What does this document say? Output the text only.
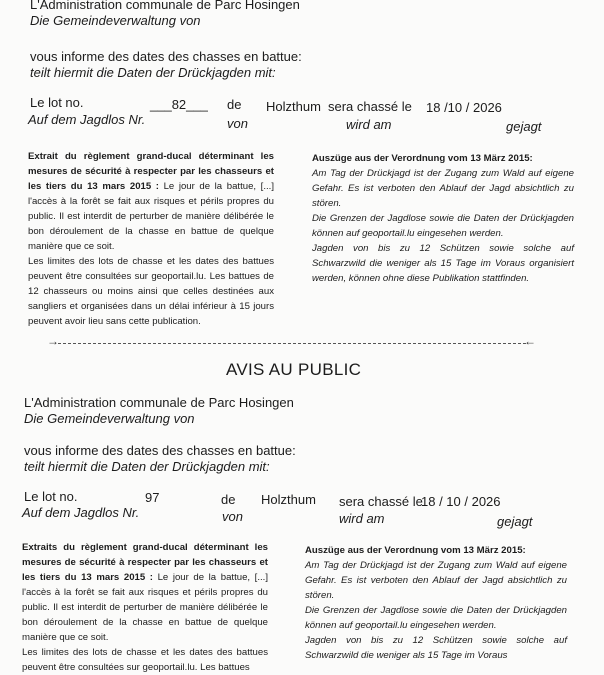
L'Administration communale de Parc Hosingen
Die Gemeindeverwaltung von
vous informe des dates des chasses en battue:
teilt hiermit die Daten der Drückjagden mit:
Le lot no.
Auf dem Jagdlos Nr.
___82___ de
von
Holzthum sera chassé le
wird am
18 /10 / 2026
gejagt

Extrait du règlement grand-ducal déterminant les mesures de sécurité à respecter par les chasseurs et les tiers du 13 mars 2015 : Le jour de la battue, [...] l'accès à la forêt se fait aux risques et périls propres du public. Il est interdit de perturber de manière délibérée le bon déroulement de la chasse en battue de quelque manière que ce soit.

Les limites des lots de chasse et les dates des battues peuvent être consultées sur geoportail.lu. Les battues de 12 chasseurs ou moins ainsi que celles destinées aux sangliers et organisées dans un délai inférieur à 15 jours peuvent avoir lieu sans cette publication.

Auszüge aus der Verordnung vom 13 März 2015:

Am Tag der Drückjagd ist der Zugang zum Wald auf eigene Gefahr. Es ist verboten den Ablauf der Jagd absichtlich zu stören.

Die Grenzen der Jagdlose sowie die Daten der Drückjagden können auf geoportail.lu eingesehen werden.

Jagden von bis zu 12 Schützen sowie solche auf Schwarzwild die weniger als 15 Tage im Voraus organisiert werden, können ohne diese Publikation stattfinden.

→	←
AVIS AU PUBLIC
L'Administration communale de Parc Hosingen
Die Gemeindeverwaltung von
vous informe des dates des chasses en battue:
teilt hiermit die Daten der Drückjagden mit:
Le lot no.
Auf dem Jagdlos Nr.
97	de
von
Holzthum sera chassé le
18 / 10 / 2026
wird am	gejagt

Extraits du règlement grand-ducal déterminant les mesures de sécurité à respecter par les chasseurs et les tiers du 13 mars 2015 : Le jour de la battue, [...] l'accès à la forêt se fait aux risques et périls propres du public. Il est interdit de perturber de manière délibérée le bon déroulement de la chasse en battue de quelque manière que ce soit.

Les limites des lots de chasse et les dates des battues peuvent être consultées sur geoportail.lu. Les battues

Auszüge aus der Verordnung vom 13 März 2015:

Am Tag der Drückjagd ist der Zugang zum Wald auf eigene Gefahr. Es ist verboten den Ablauf der Jagd absichtlich zu stören.

Die Grenzen der Jagdlose sowie die Daten der Drückjagden können auf geoportail.lu eingesehen werden.

Jagden von bis zu 12 Schützen sowie solche auf Schwarzwild die weniger als 15 Tage im Voraus
